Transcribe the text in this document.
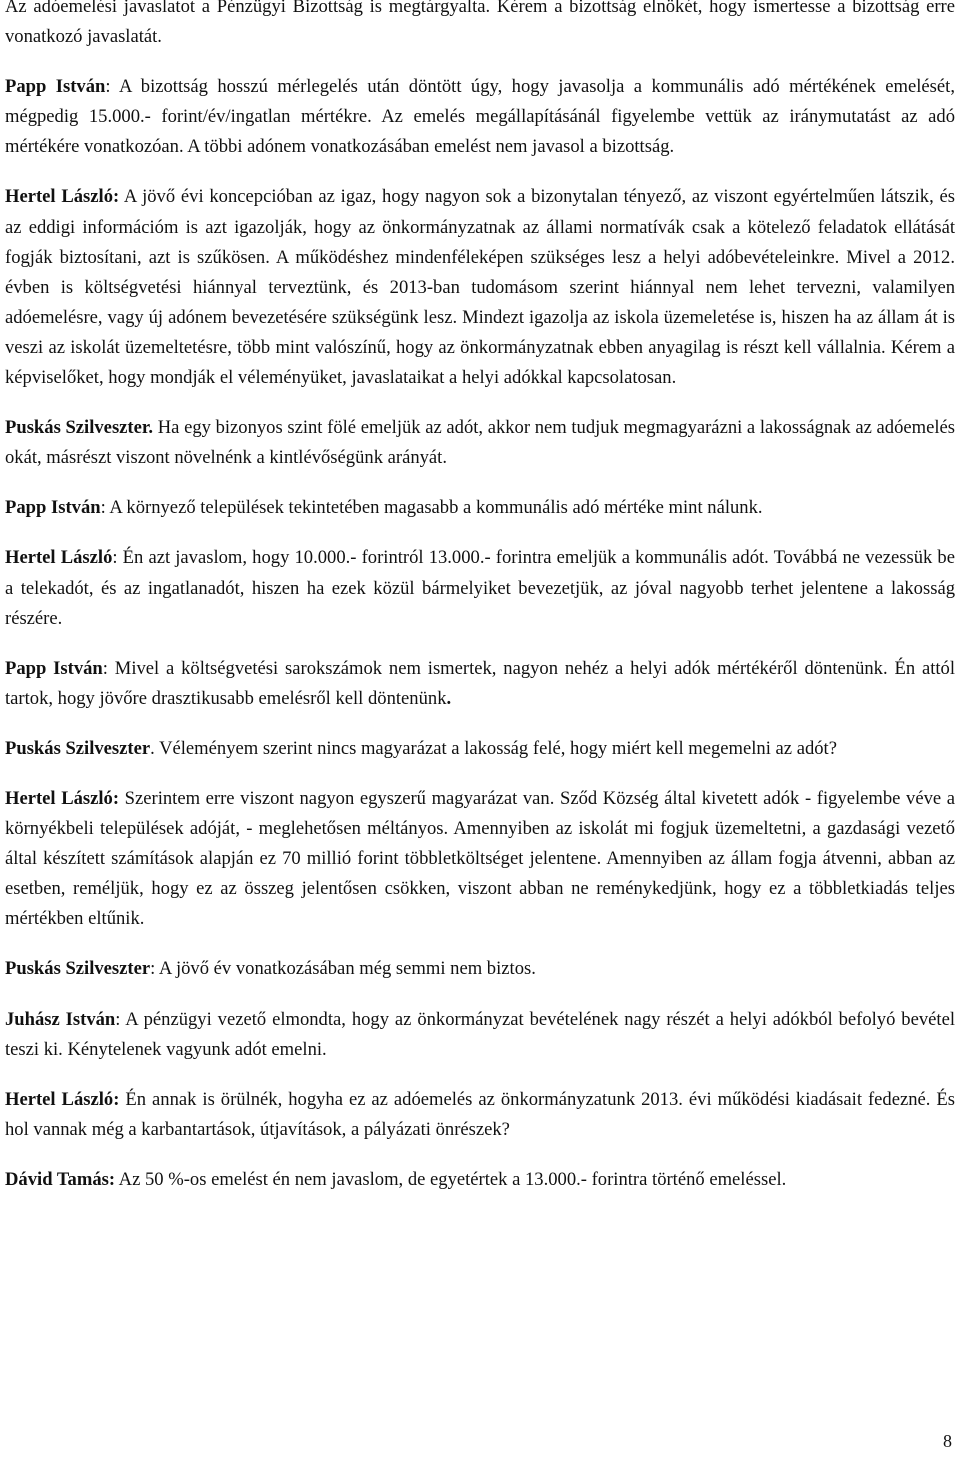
Az adóemelési javaslatot a Pénzügyi Bizottság is megtárgyalta. Kérem a bizottság elnökét, hogy ismertesse a bizottság erre vonatkozó javaslatát.

Papp István: A bizottság hosszú mérlegelés után döntött úgy, hogy javasolja a kommunális adó mértékének emelését, mégpedig 15.000.- forint/év/ingatlan mértékre. Az emelés megállapításánál figyelembe vettük az iránymutatást az adó mértékére vonatkozóan. A többi adónem vonatkozásában emelést nem javasol a bizottság.

Hertel László: A jövő évi koncepcióban az igaz, hogy nagyon sok a bizonytalan tényező, az viszont egyértelműen látszik, és az eddigi információm is azt igazolják, hogy az önkormányzatnak az állami normatívák csak a kötelező feladatok ellátását fogják biztosítani, azt is szűkösen. A működéshez mindenféleképen szükséges lesz a helyi adóbevételeinkre. Mivel a 2012. évben is költségvetési hiánnyal terveztünk, és 2013-ban tudomásom szerint hiánnyal nem lehet tervezni, valamilyen adóemelésre, vagy új adónem bevezetésére szükségünk lesz. Mindezt igazolja az iskola üzemeletése is, hiszen ha az állam át is veszi az iskolát üzemeltetésre, több mint valószínű, hogy az önkormányzatnak ebben anyagilag is részt kell vállalnia. Kérem a képviselőket, hogy mondják el véleményüket, javaslataikat a helyi adókkal kapcsolatosan.

Puskás Szilveszter. Ha egy bizonyos szint fölé emeljük az adót, akkor nem tudjuk megmagyarázni a lakosságnak az adóemelés okát, másrészt viszont növelnénk a kintlévőségünk arányát.

Papp István: A környező települések tekintetében magasabb a kommunális adó mértéke mint nálunk.

Hertel László: Én azt javaslom, hogy 10.000.- forintról 13.000.- forintra emeljük a kommunális adót. Továbbá ne vezessük be a telekadót, és az ingatlanadót, hiszen ha ezek közül bármelyiket bevezetjük, az jóval nagyobb terhet jelentene a lakosság részére.

Papp István: Mivel a költségvetési sarokszámok nem ismertek, nagyon nehéz a helyi adók mértékéről döntenünk. Én attól tartok, hogy jövőre drasztikusabb emelésről kell döntenünk.

Puskás Szilveszter. Véleményem szerint nincs magyarázat a lakosság felé, hogy miért kell megemelni az adót?

Hertel László: Szerintem erre viszont nagyon egyszerű magyarázat van. Sződ Község által kivetett adók - figyelembe véve a környékbeli települések adóját, - meglehetősen méltányos. Amennyiben az iskolát mi fogjuk üzemeltetni, a gazdasági vezető által készített számítások alapján ez 70 millió forint többletköltséget jelentene. Amennyiben az állam fogja átvenni, abban az esetben, reméljük, hogy ez az összeg jelentősen csökken, viszont abban ne reménykedjünk, hogy ez a többletkiadás teljes mértékben eltűnik.

Puskás Szilveszter: A jövő év vonatkozásában még semmi nem biztos.

Juhász István: A pénzügyi vezető elmondta, hogy az önkormányzat bevételének nagy részét a helyi adókból befolyó bevétel teszi ki. Kénytelenek vagyunk adót emelni.

Hertel László: Én annak is örülnék, hogyha ez az adóemelés az önkormányzatunk 2013. évi működési kiadásait fedezné. És hol vannak még a karbantartások, útjavítások, a pályázati önrészek?

Dávid Tamás: Az 50 %-os emelést én nem javaslom, de egyetértek a 13.000.- forintra történő emeléssel.

8
